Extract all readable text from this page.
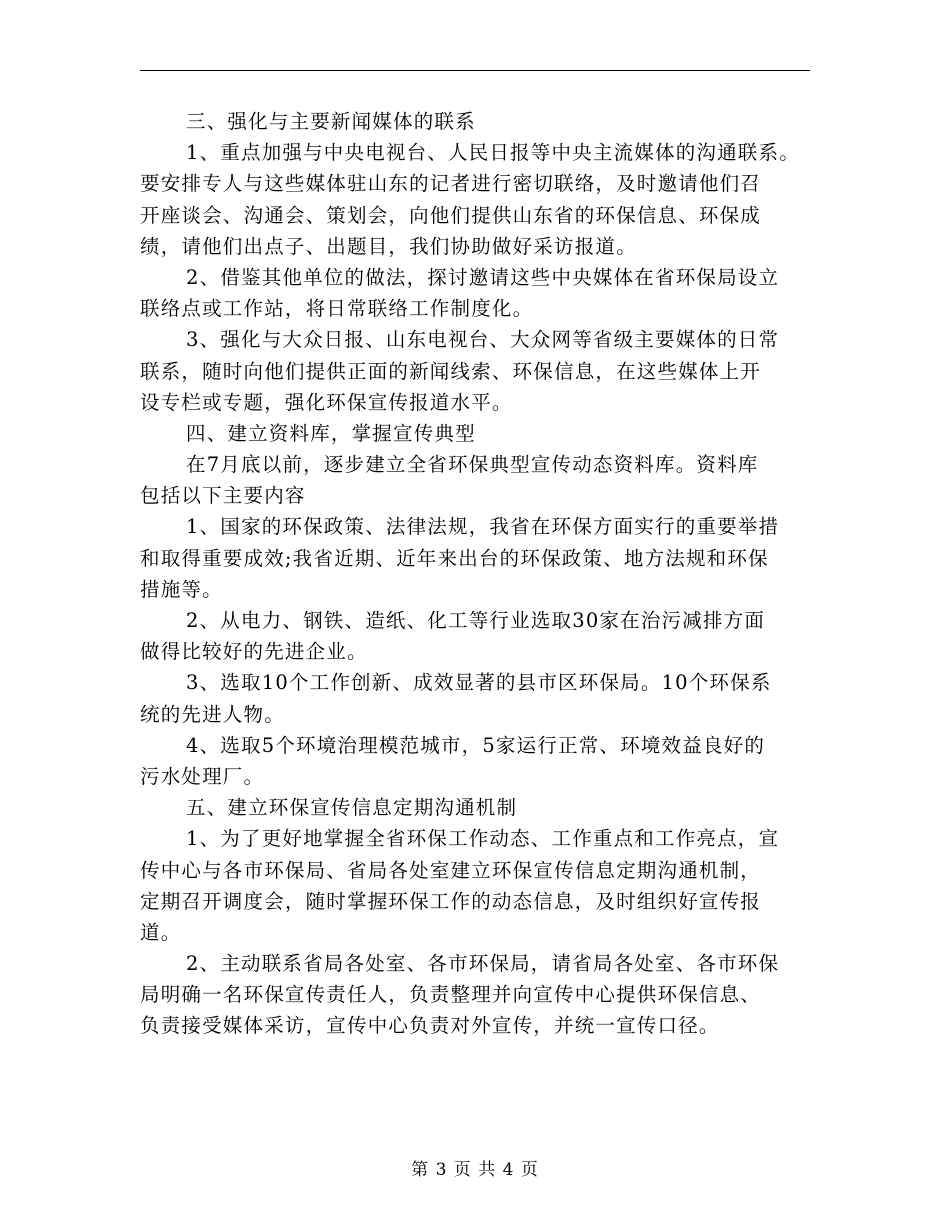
三、强化与主要新闻媒体的联系
1、重点加强与中央电视台、人民日报等中央主流媒体的沟通联系。
要安排专人与这些媒体驻山东的记者进行密切联络，及时邀请他们召
开座谈会、沟通会、策划会，向他们提供山东省的环保信息、环保成
绩，请他们出点子、出题目，我们协助做好采访报道。
2、借鉴其他单位的做法，探讨邀请这些中央媒体在省环保局设立
联络点或工作站，将日常联络工作制度化。
3、强化与大众日报、山东电视台、大众网等省级主要媒体的日常
联系，随时向他们提供正面的新闻线索、环保信息，在这些媒体上开
设专栏或专题，强化环保宣传报道水平。
四、建立资料库，掌握宣传典型
在7月底以前，逐步建立全省环保典型宣传动态资料库。资料库
包括以下主要内容
1、国家的环保政策、法律法规，我省在环保方面实行的重要举措
和取得重要成效;我省近期、近年来出台的环保政策、地方法规和环保
措施等。
2、从电力、钢铁、造纸、化工等行业选取30家在治污减排方面
做得比较好的先进企业。
3、选取10个工作创新、成效显著的县市区环保局。10个环保系
统的先进人物。
4、选取5个环境治理模范城市，5家运行正常、环境效益良好的
污水处理厂。
五、建立环保宣传信息定期沟通机制
1、为了更好地掌握全省环保工作动态、工作重点和工作亮点，宣
传中心与各市环保局、省局各处室建立环保宣传信息定期沟通机制，
定期召开调度会，随时掌握环保工作的动态信息，及时组织好宣传报
道。
2、主动联系省局各处室、各市环保局，请省局各处室、各市环保
局明确一名环保宣传责任人，负责整理并向宣传中心提供环保信息、
负责接受媒体采访，宣传中心负责对外宣传，并统一宣传口径。
第 3 页 共 4 页
